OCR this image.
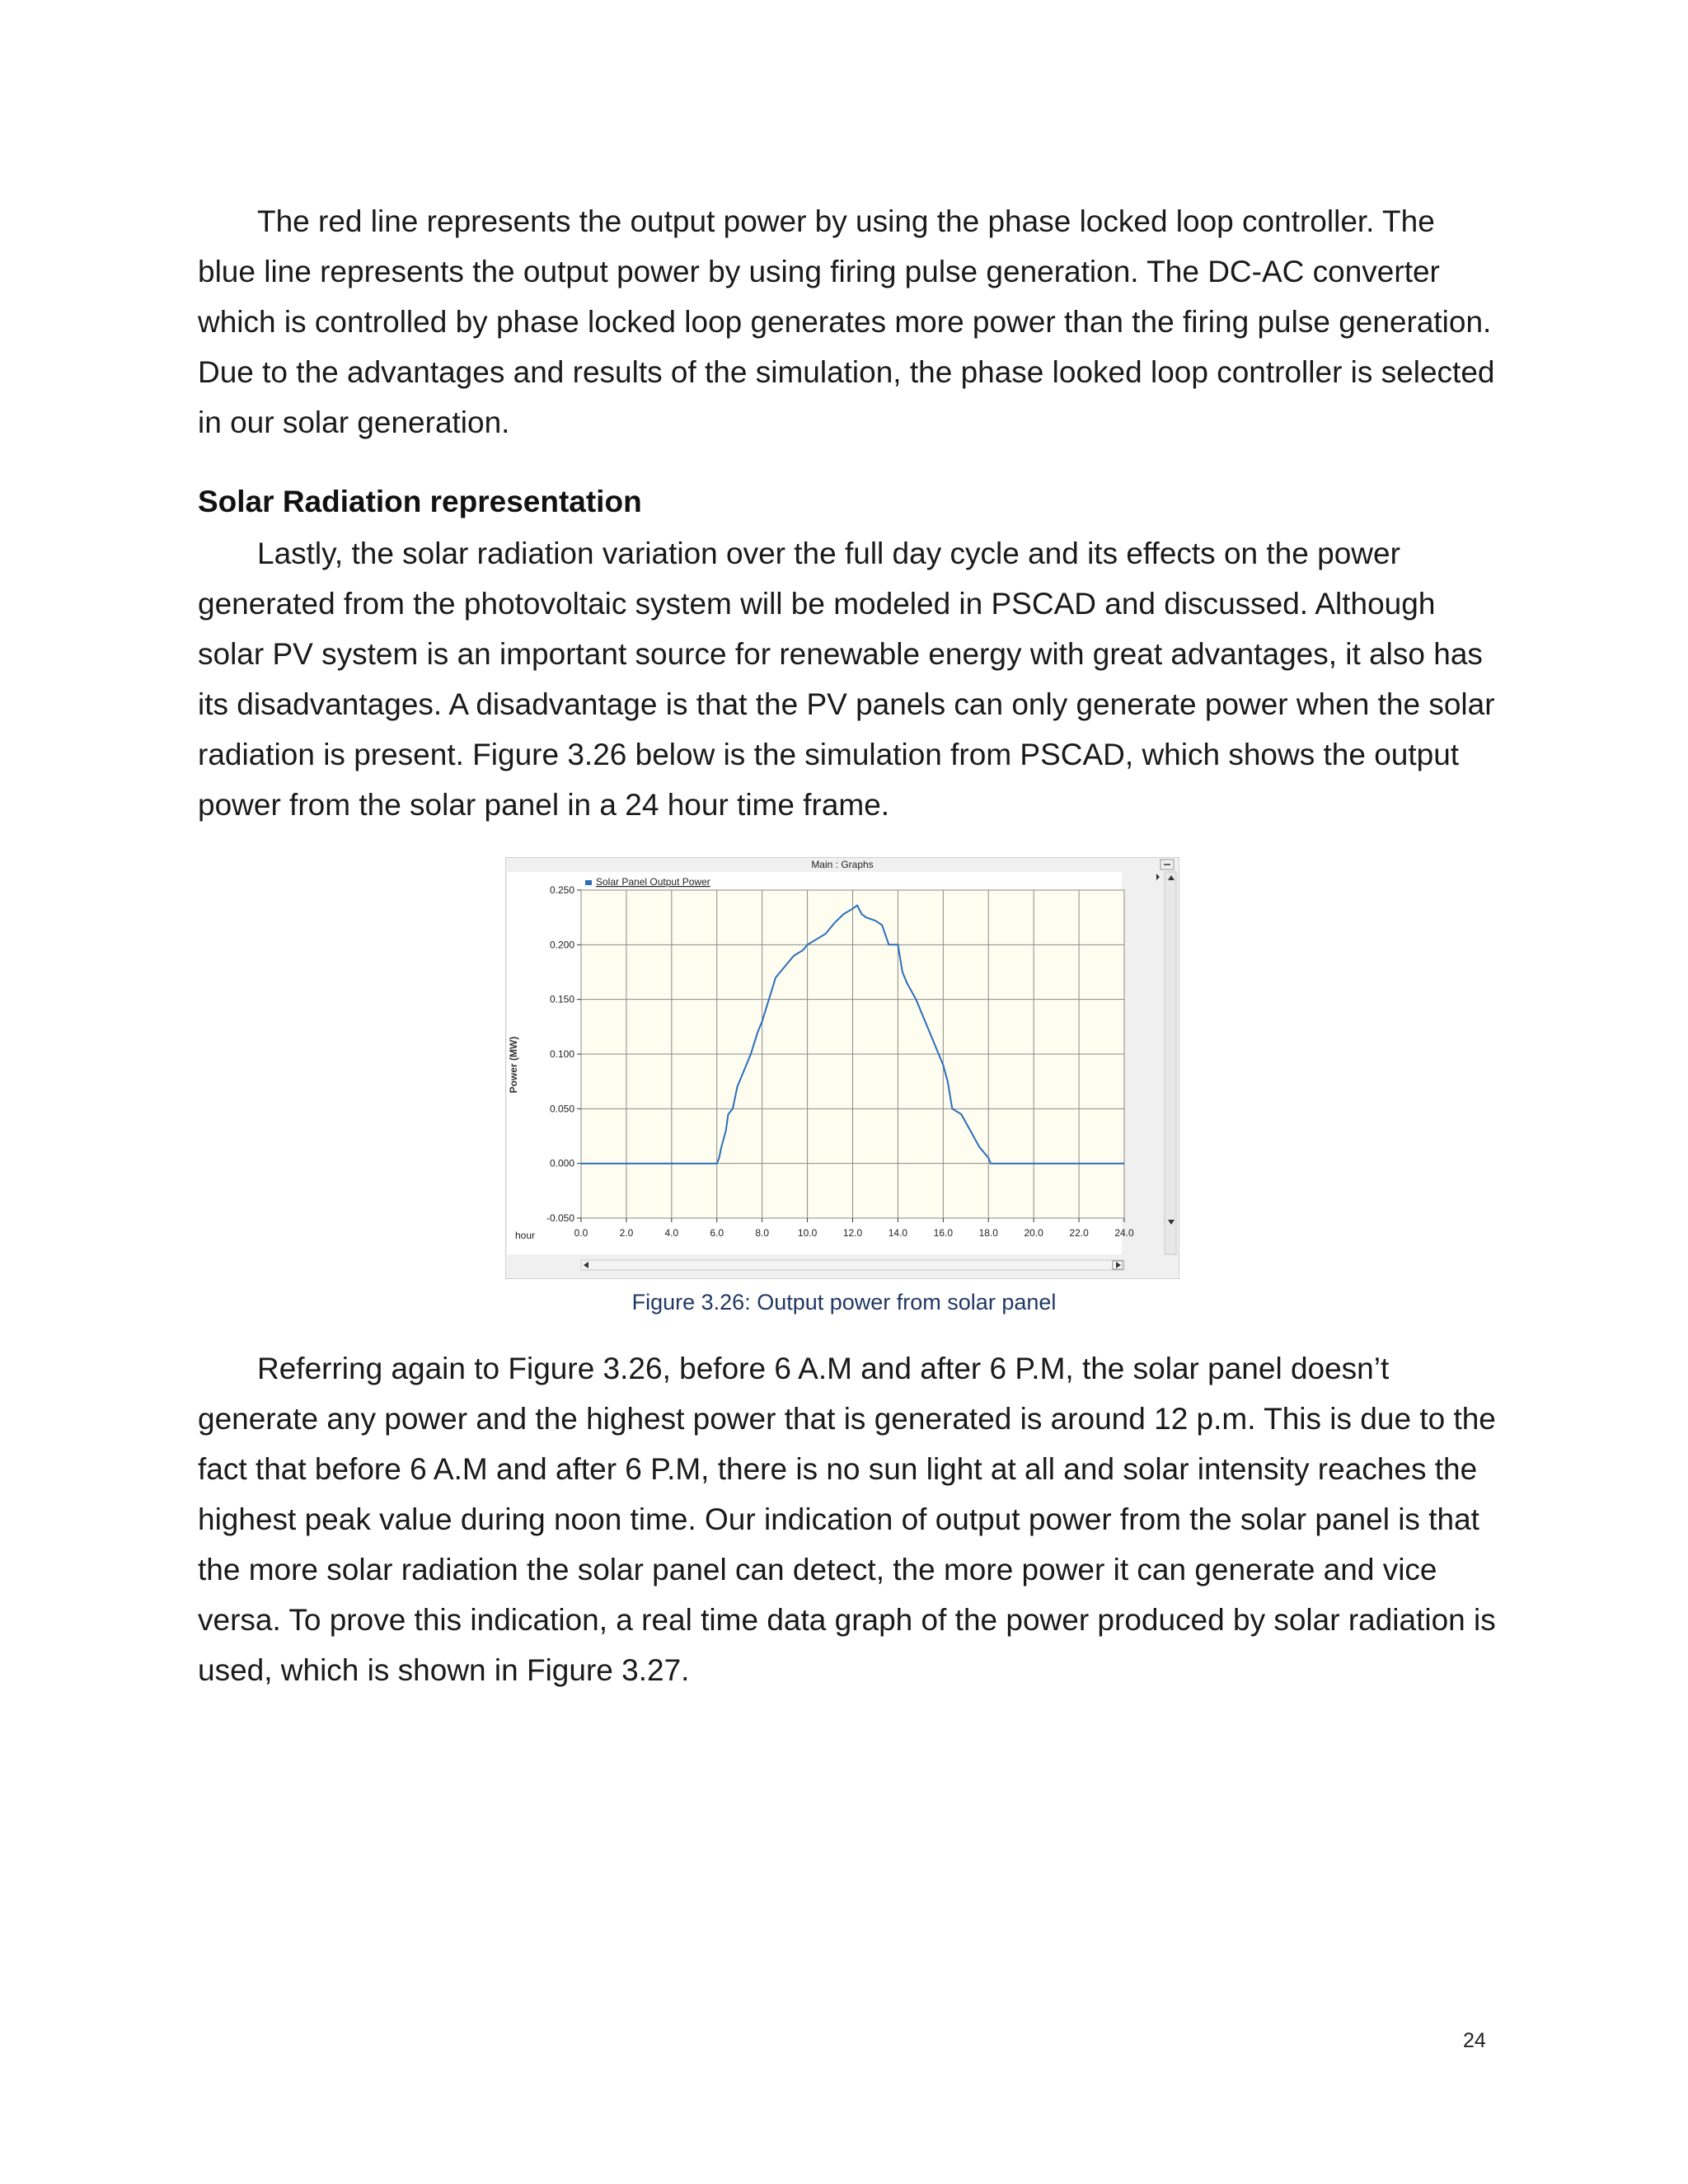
The red line represents the output power by using the phase locked loop controller. The blue line represents the output power by using firing pulse generation. The DC-AC converter which is controlled by phase locked loop generates more power than the firing pulse generation. Due to the advantages and results of the simulation, the phase looked loop controller is selected in our solar generation.

Solar Radiation representation

Lastly, the solar radiation variation over the full day cycle and its effects on the power generated from the photovoltaic system will be modeled in PSCAD and discussed. Although solar PV system is an important source for renewable energy with great advantages, it also has its disadvantages. A disadvantage is that the PV panels can only generate power when the solar radiation is present. Figure 3.26 below is the simulation from PSCAD, which shows the output power from the solar panel in a 24 hour time frame.

Main : Graphs
0.250
0.200
0.150
0.100
0.050
0.000
-0.050
0.0	2.0	4.0	6.0	8.0	10.0	12.0	14.0	16.0	18.0	20.0	22.0	24.0
Solar Panel Output Power
Power (MW)
hour
Figure 3.26: Output power from solar panel

Referring again to Figure 3.26, before 6 A.M and after 6 P.M, the solar panel doesn’t generate any power and the highest power that is generated is around 12 p.m. This is due to the fact that before 6 A.M and after 6 P.M, there is no sun light at all and solar intensity reaches the highest peak value during noon time. Our indication of output power from the solar panel is that the more solar radiation the solar panel can detect, the more power it can generate and vice versa. To prove this indication, a real time data graph of the power produced by solar radiation is used, which is shown in Figure 3.27.

24
